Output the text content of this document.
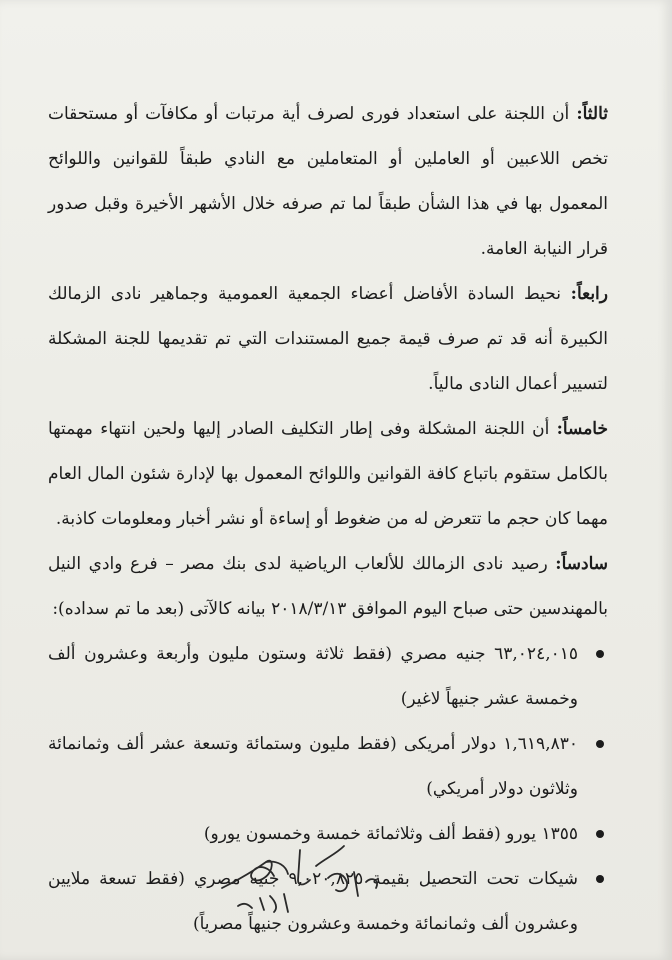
ثالثاً: أن اللجنة على استعداد فورى لصرف أية مرتبات أو مكافآت أو مستحقات تخص اللاعبين أو العاملين أو المتعاملين مع النادي طبقاً للقوانين واللوائح المعمول بها في هذا الشأن طبقاً لما تم صرفه خلال الأشهر الأخيرة وقبل صدور قرار النيابة العامة.

رابعاً: نحيط السادة الأفاضل أعضاء الجمعية العمومية وجماهير نادى الزمالك الكبيرة أنه قد تم صرف قيمة جميع المستندات التي تم تقديمها للجنة المشكلة لتسيير أعمال النادى مالياً.

خامساً: أن اللجنة المشكلة وفى إطار التكليف الصادر إليها ولحين انتهاء مهمتها بالكامل ستقوم باتباع كافة القوانين واللوائح المعمول بها لإدارة شئون المال العام مهما كان حجم ما تتعرض له من ضغوط أو إساءة أو نشر أخبار ومعلومات كاذبة.

سادساً: رصيد نادى الزمالك للألعاب الرياضية لدى بنك مصر – فرع وادي النيل بالمهندسين حتى صباح اليوم الموافق ٢٠١٨/٣/١٣ بيانه كالآتى (بعد ما تم سداده):

٦٣,٠٢٤,٠١٥ جنيه مصري (فقط ثلاثة وستون مليون وأربعة وعشرون ألف وخمسة عشر جنيهاً لاغير)
١,٦١٩,٨٣٠ دولار أمريكى (فقط مليون وستمائة وتسعة عشر ألف وثمانمائة وثلاثون دولار أمريكي)
١٣٥٥ يورو (فقط ألف وثلاثمائة خمسة وخمسون يورو)
شيكات تحت التحصيل بقيمة ٩,٠٢٠,٨٢٥ جنيه مصري (فقط تسعة ملايين وعشرون ألف وثمانمائة وخمسة وعشرون جنيهاً مصرياً)
